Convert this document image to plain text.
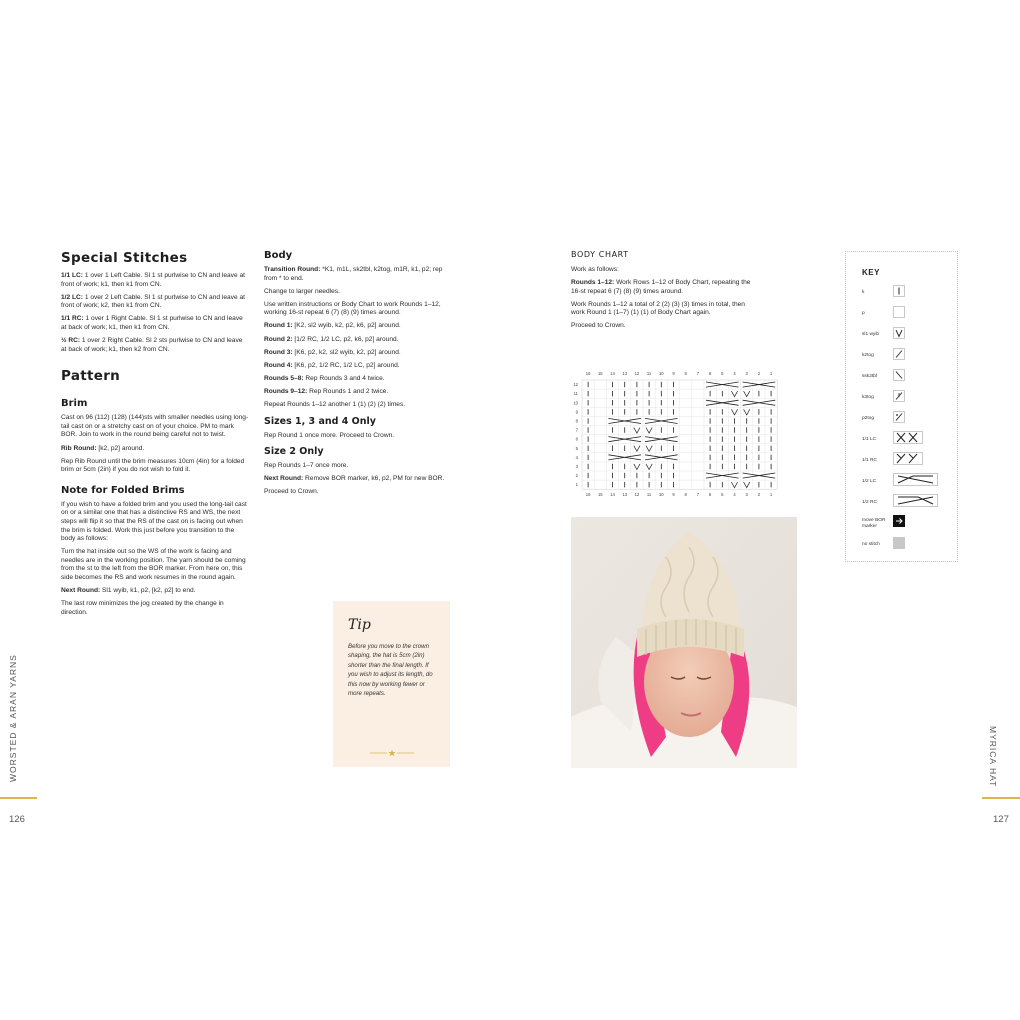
Special Stitches

1/1 LC: 1 over 1 Left Cable. Sl 1 st purlwise to CN and leave at front of work; k1, then k1 from CN.

1/2 LC: 1 over 2 Left Cable. Sl 1 st purlwise to CN and leave at front of work; k2, then k1 from CN.

1/1 RC: 1 over 1 Right Cable. Sl 1 st purlwise to CN and leave at back of work; k1, then k1 from CN.

½ RC: 1 over 2 Right Cable. Sl 2 sts purlwise to CN and leave at back of work; k1, then k2 from CN.

Pattern
Brim

Cast on 96 (112) (128) (144)sts with smaller needles using long-tail cast on or a stretchy cast on of your choice. PM to mark BOR. Join to work in the round being careful not to twist.

Rib Round: [k2, p2] around.

Rep Rib Round until the brim measures 10cm (4in) for a folded brim or 5cm (2in) if you do not wish to fold it.

Note for Folded Brims

If you wish to have a folded brim and you used the long-tail cast on or a similar one that has a distinctive RS and WS, the next steps will flip it so that the RS of the cast on is facing out when the brim is folded. Work this just before you transition to the body as follows:

Turn the hat inside out so the WS of the work is facing and needles are in the working position. The yarn should be coming from the st to the left from the BOR marker. From here on, this side becomes the RS and work resumes in the round again.

Next Round: Sl1 wyib, k1, p2, [k2, p2] to end.

The last row minimizes the jog created by the change in direction.

Body

Transition Round: *K1, m1L, sk2tbl, k2tog, m1R, k1, p2; rep from * to end.

Change to larger needles.

Use written instructions or Body Chart to work Rounds 1–12, working 16-st repeat 6 (7) (8) (9) times around.

Round 1: [K2, sl2 wyib, k2, p2, k6, p2] around.

Round 2: [1/2 RC, 1/2 LC, p2, k6, p2] around.

Round 3: [K6, p2, k2, sl2 wyib, k2, p2] around.

Round 4: [K6, p2, 1/2 RC, 1/2 LC, p2] around.

Rounds 5–8: Rep Rounds 3 and 4 twice.

Rounds 9–12: Rep Rounds 1 and 2 twice.

Repeat Rounds 1–12 another 1 (1) (2) (2) times.

Sizes 1, 3 and 4 Only

Rep Round 1 once more. Proceed to Crown.

Size 2 Only

Rep Rounds 1–7 once more.

Next Round: Remove BOR marker, k6, p2, PM for new BOR.

Proceed to Crown.

Tip
Before you move to the crown shaping, the hat is 5cm (2in) shorter than the final length. If you wish to adjust its length, do this now by working fewer or more repeats.
WORSTED & ARAN YARNS
126
BODY CHART

Work as follows:

Rounds 1–12: Work Rows 1–12 of Body Chart, repeating the 16-st repeat 6 (7) (8) (9) times around.

Work Rounds 1–12 a total of 2 (2) (3) (3) times in total, then work Round 1 (1–7) (1) (1) of Body Chart again.

Proceed to Crown.

16
16
15
15
14
14
13
13
12
12
11
11
10
10
9
9
8
8
7
7
6
6
5
5
4
4
3
3
2
2
1
1
12
11
10
9
8
7
6
5
4
3
2
1
KEY
k
p
sl1 wyib
k2tog
ssk2tbl
k3tog
p2tog
1/1 LC
1/1 RC
1/2 LC
1/2 RC
move BOR marker
no stitch
MYRICA HAT
127
